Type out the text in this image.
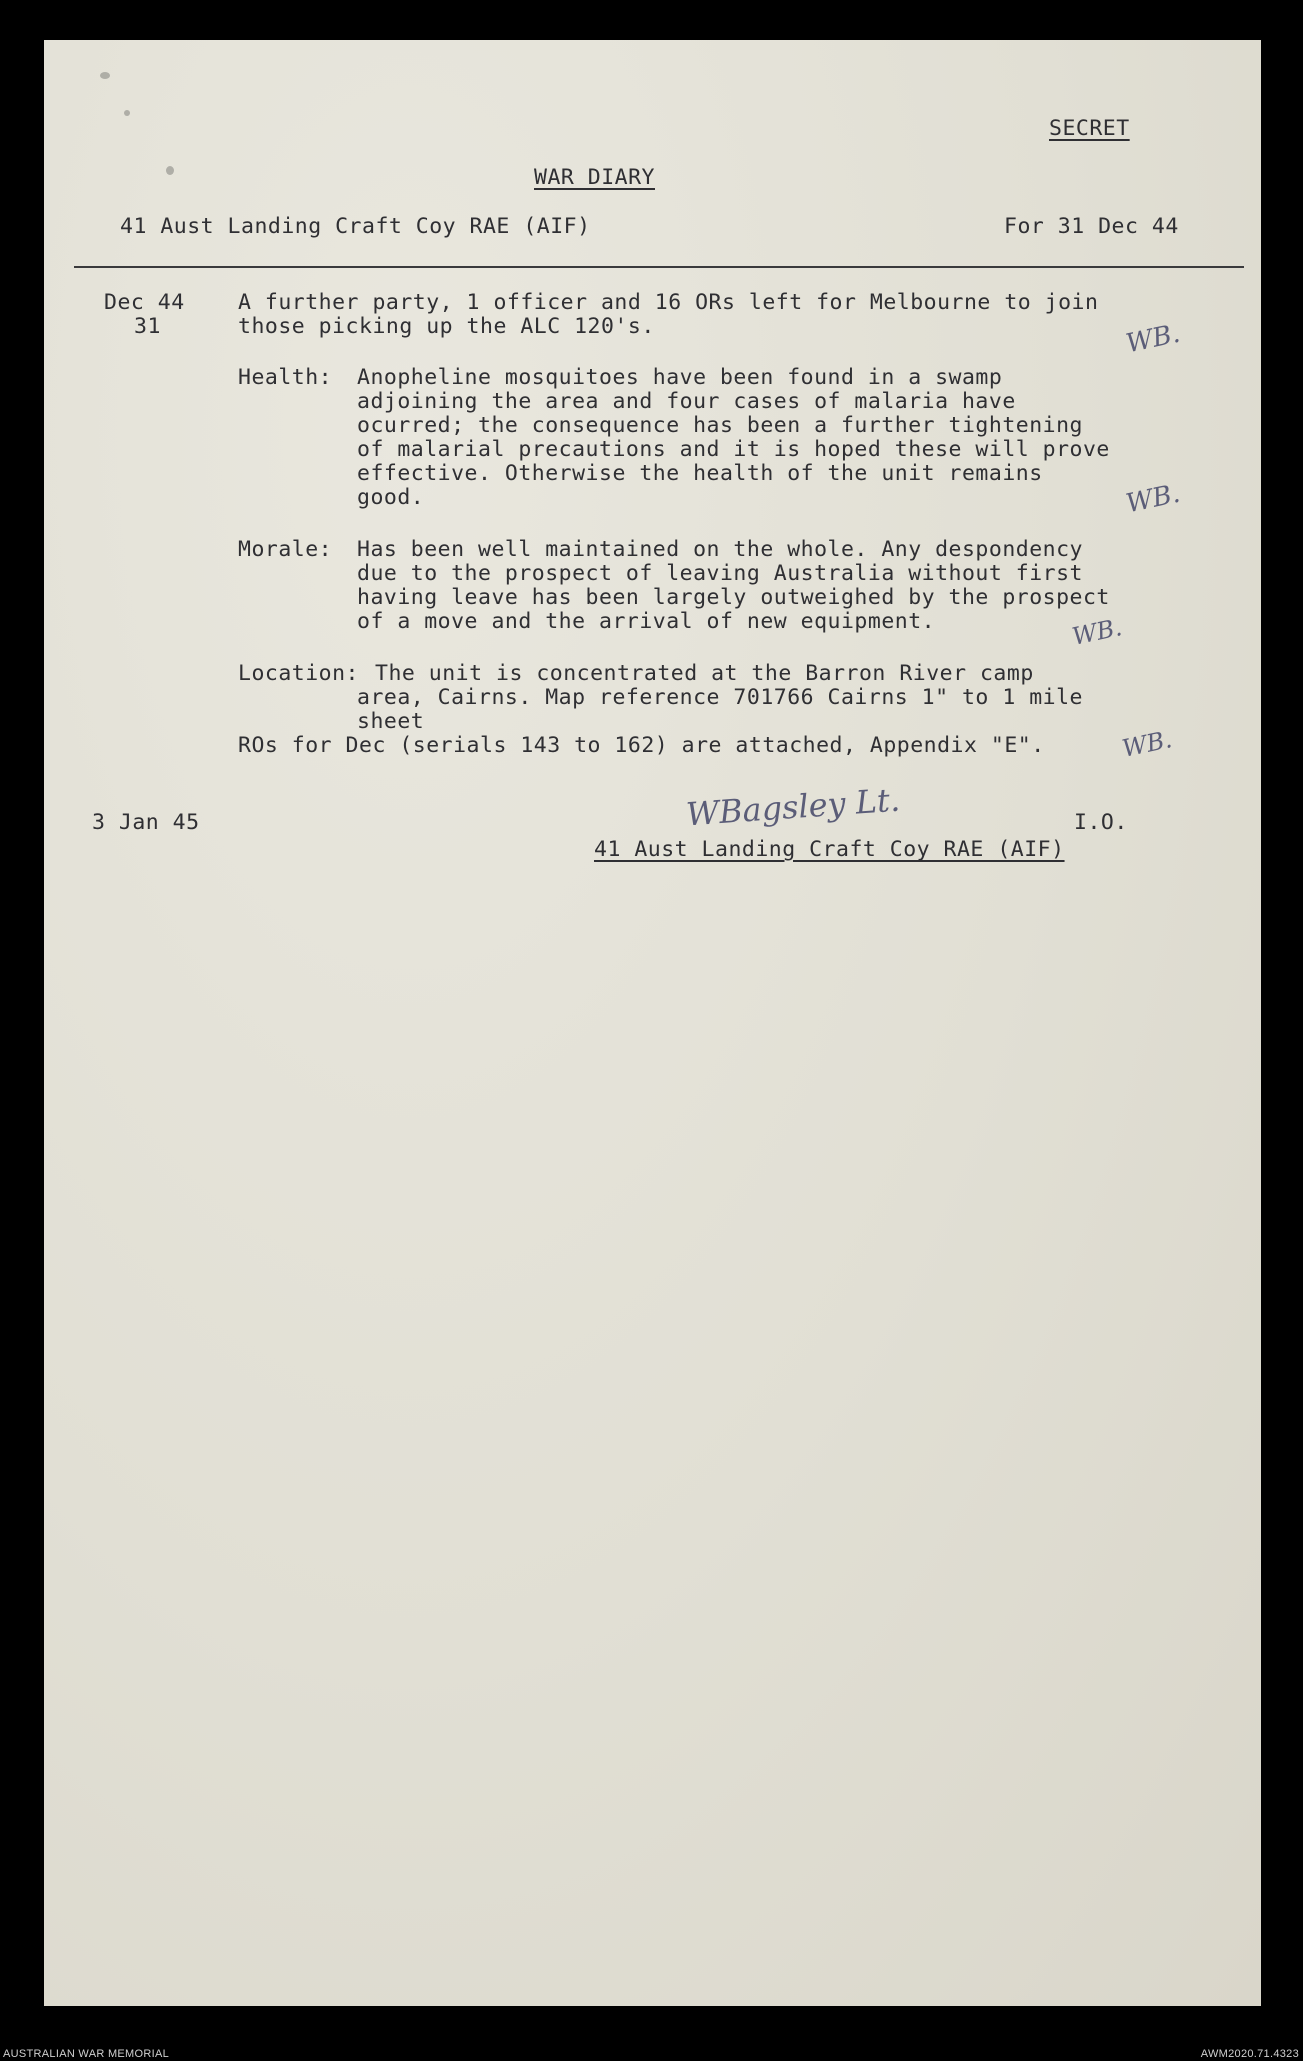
SECRET
WAR DIARY
41 Aust Landing Craft Coy RAE (AIF)	For 31 Dec 44
Dec 44
31
A further party, 1 officer and 16 ORs left for Melbourne to join
those picking up the ALC 120's.
Health: Anopheline mosquitoes have been found in a swamp
adjoining the area and four cases of malaria have
ocurred; the consequence has been a further tightening
of malarial precautions and it is hoped these will prove
effective. Otherwise the health of the unit remains
good.
Morale: Has been well maintained on the whole. Any despondency
due to the prospect of leaving Australia without first
having leave has been largely outweighed by the prospect
of a move and the arrival of new equipment.
Location: The unit is concentrated at the Barron River camp
area, Cairns. Map reference 701766 Cairns 1" to 1 mile
sheet
ROs for Dec (serials 143 to 162) are attached, Appendix "E".
WB.
WB.
WB.
WB.
3 Jan 45	WBagsley Lt.	I.O.
41 Aust Landing Craft Coy RAE (AIF)
AUSTRALIAN WAR MEMORIAL	AWM2020.71.4323
